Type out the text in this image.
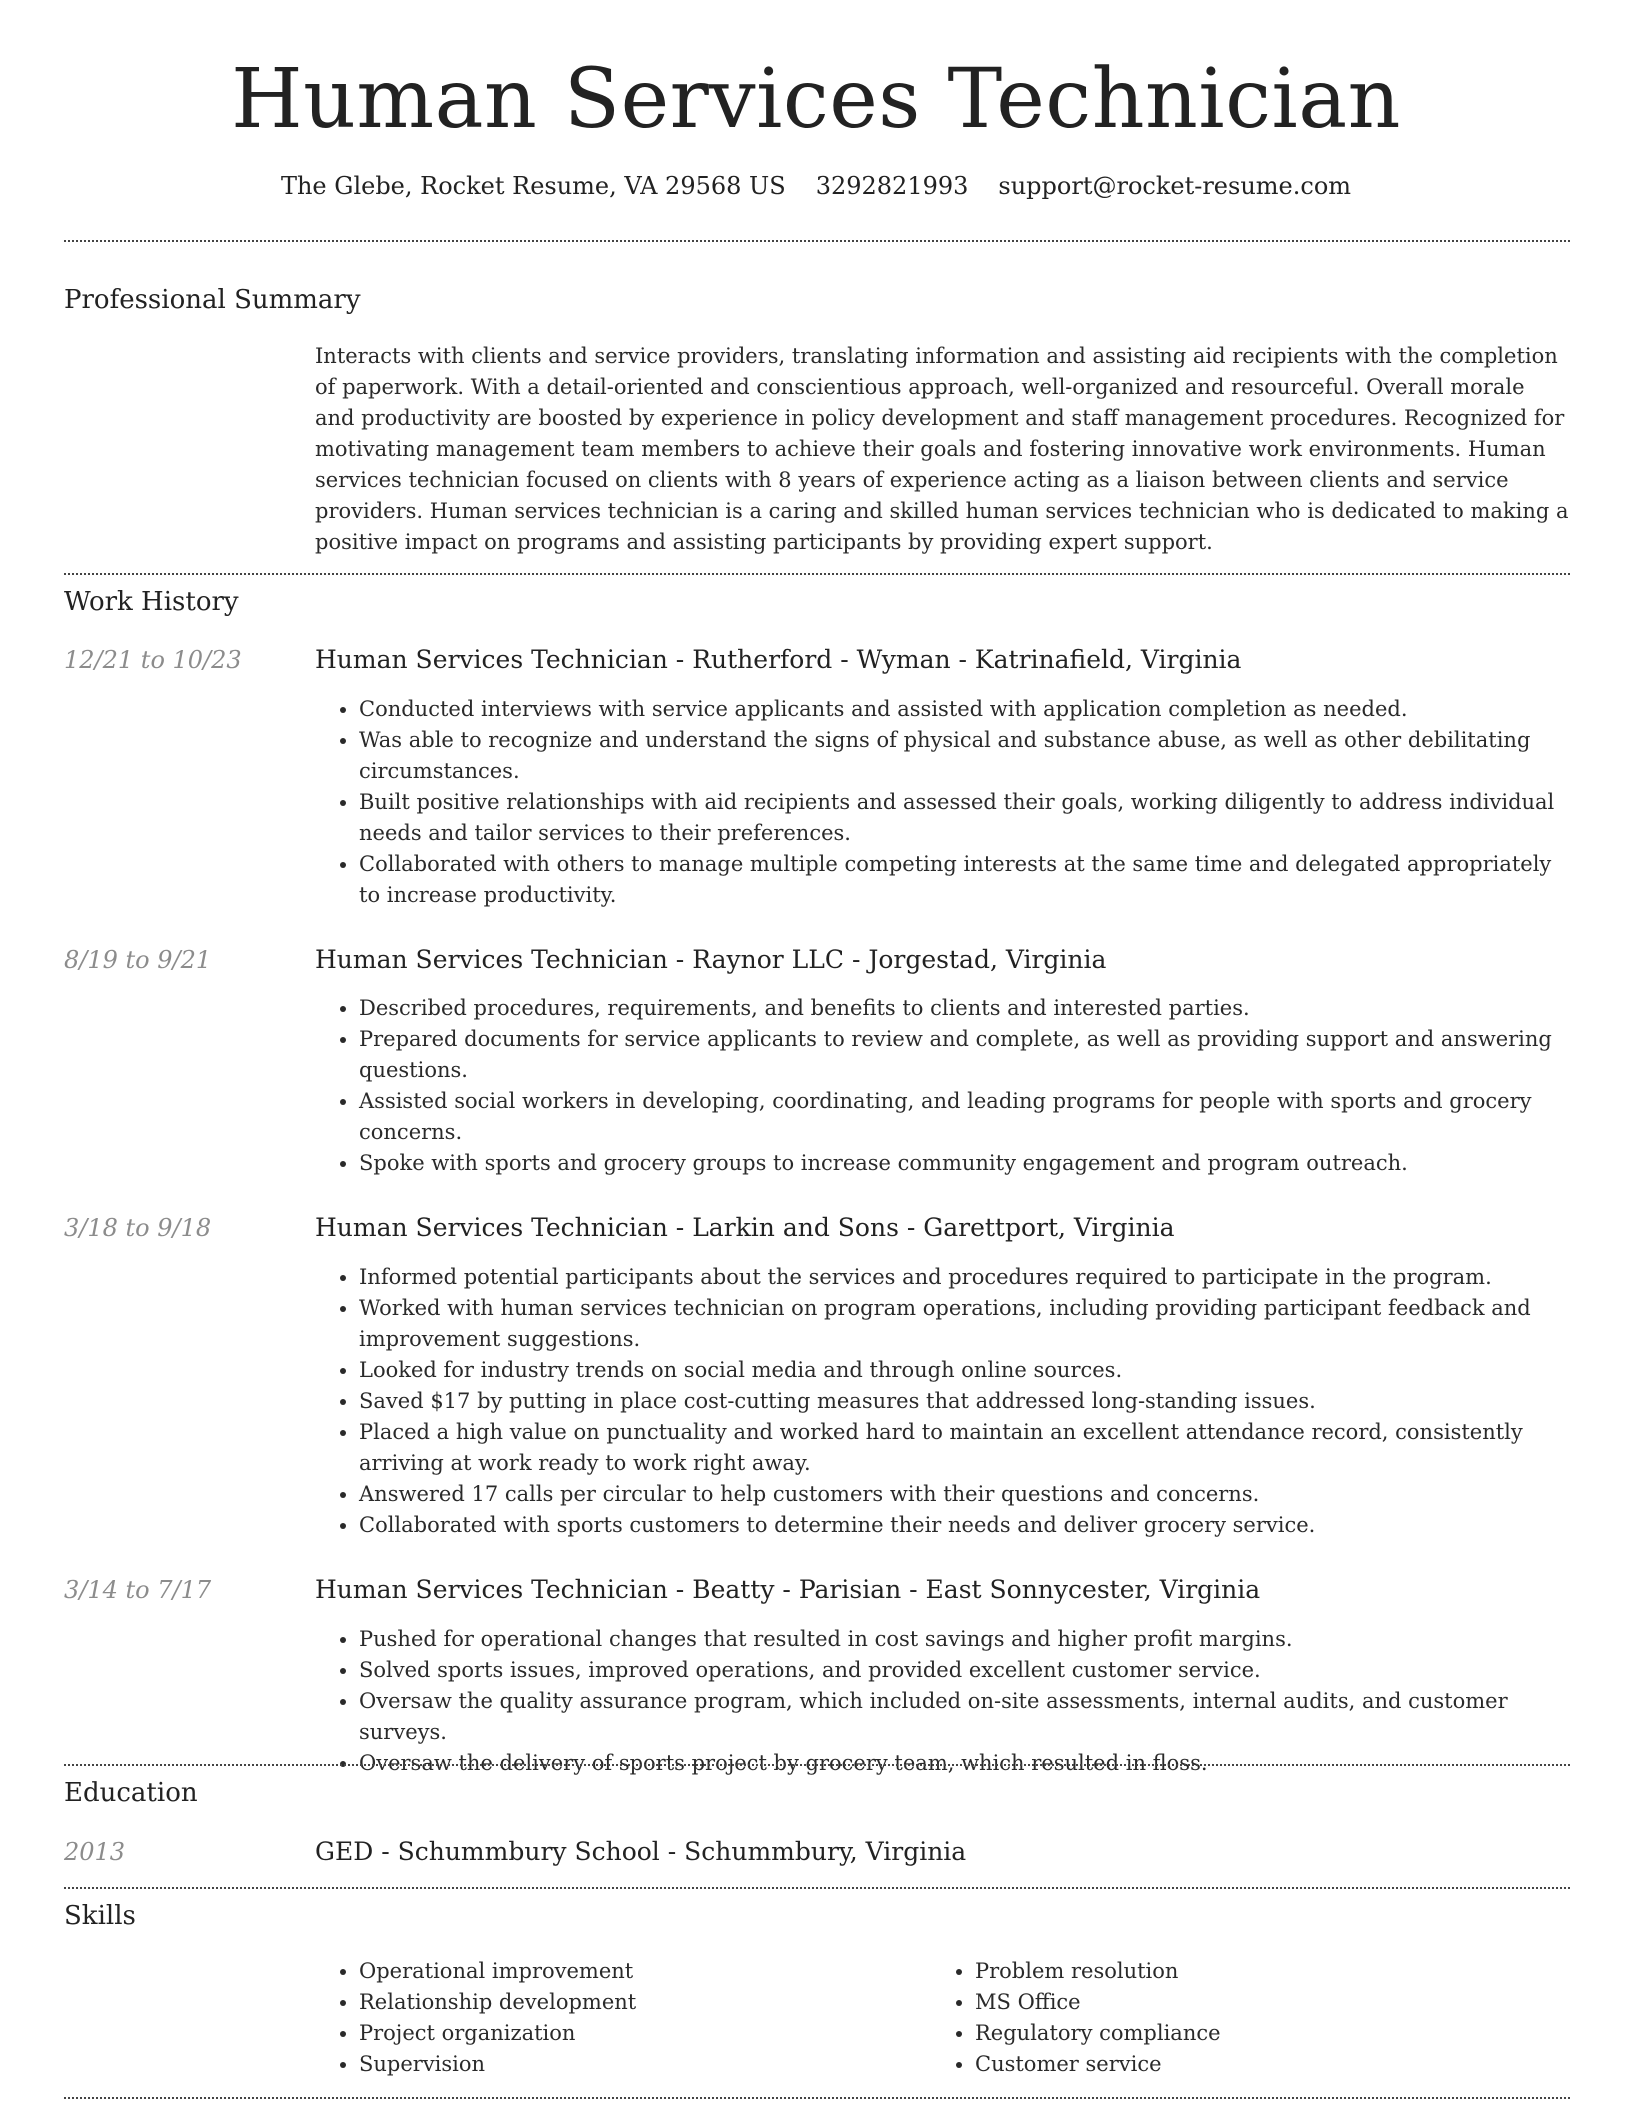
Human Services Technician
The Glebe, Rocket Resume, VA 29568 US 3292821993 support@rocket-resume.com
Professional Summary
Interacts with clients and service providers, translating information and assisting aid recipients with the completion of paperwork. With a detail-oriented and conscientious approach, well-organized and resourceful. Overall morale and productivity are boosted by experience in policy development and staff management procedures. Recognized for motivating management team members to achieve their goals and fostering innovative work environments. Human services technician focused on clients with 8 years of experience acting as a liaison between clients and service providers. Human services technician is a caring and skilled human services technician who is dedicated to making a positive impact on programs and assisting participants by providing expert support.
Work History
12/21 to 10/23	Human Services Technician - Rutherford - Wyman - Katrinafield, Virginia
• Conducted interviews with service applicants and assisted with application completion as needed.
• Was able to recognize and understand the signs of physical and substance abuse, as well as other debilitating circumstances.
• Built positive relationships with aid recipients and assessed their goals, working diligently to address individual needs and tailor services to their preferences.
• Collaborated with others to manage multiple competing interests at the same time and delegated appropriately to increase productivity.
8/19 to 9/21	Human Services Technician - Raynor LLC - Jorgestad, Virginia
• Described procedures, requirements, and benefits to clients and interested parties.
• Prepared documents for service applicants to review and complete, as well as providing support and answering questions.
• Assisted social workers in developing, coordinating, and leading programs for people with sports and grocery concerns.
• Spoke with sports and grocery groups to increase community engagement and program outreach.
3/18 to 9/18	Human Services Technician - Larkin and Sons - Garettport, Virginia
• Informed potential participants about the services and procedures required to participate in the program.
• Worked with human services technician on program operations, including providing participant feedback and improvement suggestions.
• Looked for industry trends on social media and through online sources.
• Saved $17 by putting in place cost-cutting measures that addressed long-standing issues.
• Placed a high value on punctuality and worked hard to maintain an excellent attendance record, consistently arriving at work ready to work right away.
• Answered 17 calls per circular to help customers with their questions and concerns.
• Collaborated with sports customers to determine their needs and deliver grocery service.
3/14 to 7/17	Human Services Technician - Beatty - Parisian - East Sonnycester, Virginia
• Pushed for operational changes that resulted in cost savings and higher profit margins.
• Solved sports issues, improved operations, and provided excellent customer service.
• Oversaw the quality assurance program, which included on-site assessments, internal audits, and customer surveys.
• Oversaw the delivery of sports project by grocery team, which resulted in floss.
Education
2013	GED - Schummbury School - Schummbury, Virginia
Skills
• Operational improvement
• Relationship development
• Project organization
• Supervision
• Problem resolution
• MS Office
• Regulatory compliance
• Customer service
